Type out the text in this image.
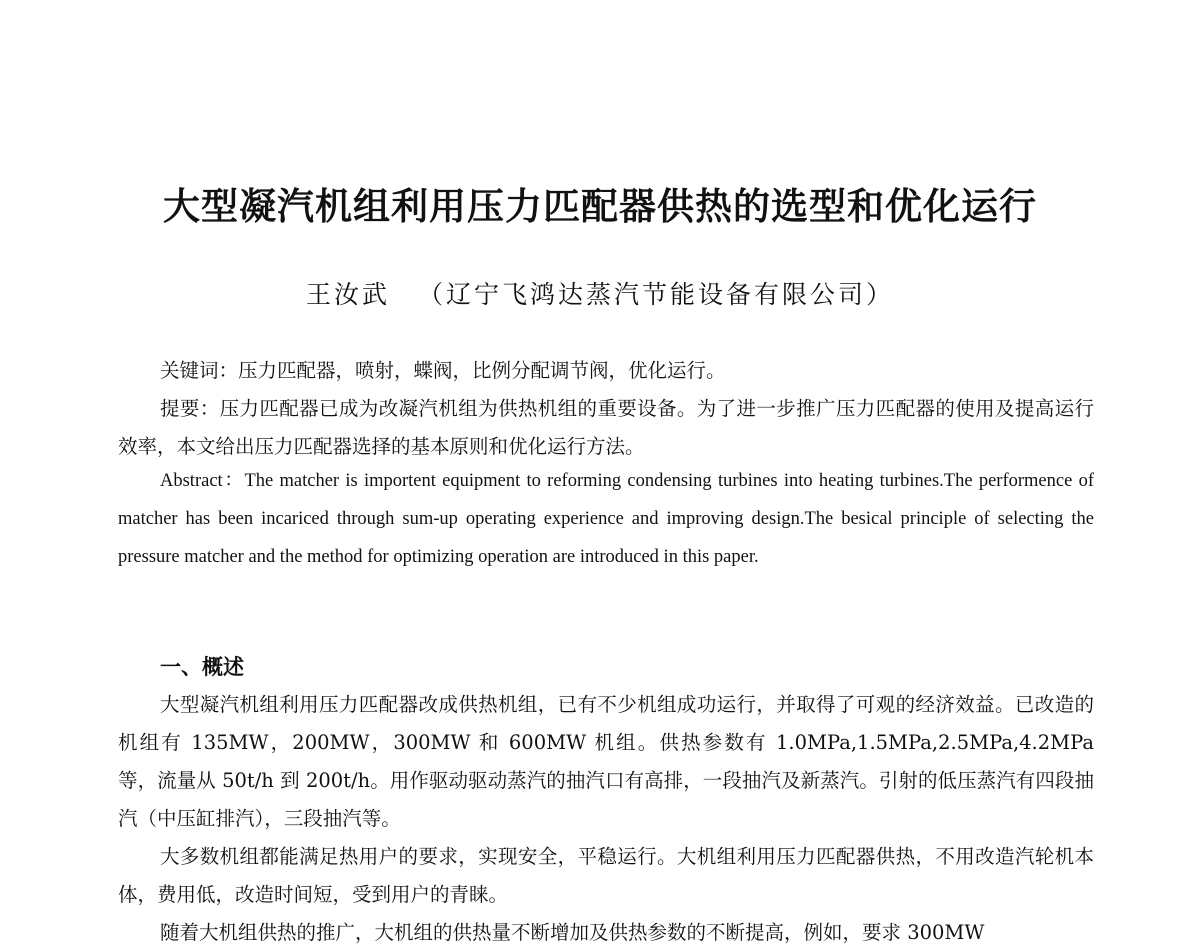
大型凝汽机组利用压力匹配器供热的选型和优化运行
王汝武 （辽宁飞鸿达蒸汽节能设备有限公司）

关键词：压力匹配器，喷射，蝶阀，比例分配调节阀，优化运行。

提要：压力匹配器已成为改凝汽机组为供热机组的重要设备。为了进一步推广压力匹配器的使用及提高运行效率，本文给出压力匹配器选择的基本原则和优化运行方法。

Abstract：The matcher is importent equipment to reforming condensing turbines into heating turbines.The performence of matcher has been incariced through sum-up operating experience and improving design.The besical principle of selecting the pressure matcher and the method for optimizing operation are introduced in this paper.

一、概述

大型凝汽机组利用压力匹配器改成供热机组，已有不少机组成功运行，并取得了可观的经济效益。已改造的机组有 135MW，200MW，300MW 和 600MW 机组。供热参数有 1.0MPa,1.5MPa,2.5MPa,4.2MPa 等，流量从 50t/h 到 200t/h。用作驱动驱动蒸汽的抽汽口有高排，一段抽汽及新蒸汽。引射的低压蒸汽有四段抽汽（中压缸排汽），三段抽汽等。

大多数机组都能满足热用户的要求，实现安全，平稳运行。大机组利用压力匹配器供热，不用改造汽轮机本体，费用低，改造时间短，受到用户的青睐。

随着大机组供热的推广，大机组的供热量不断增加及供热参数的不断提高，例如，要求 300MW
